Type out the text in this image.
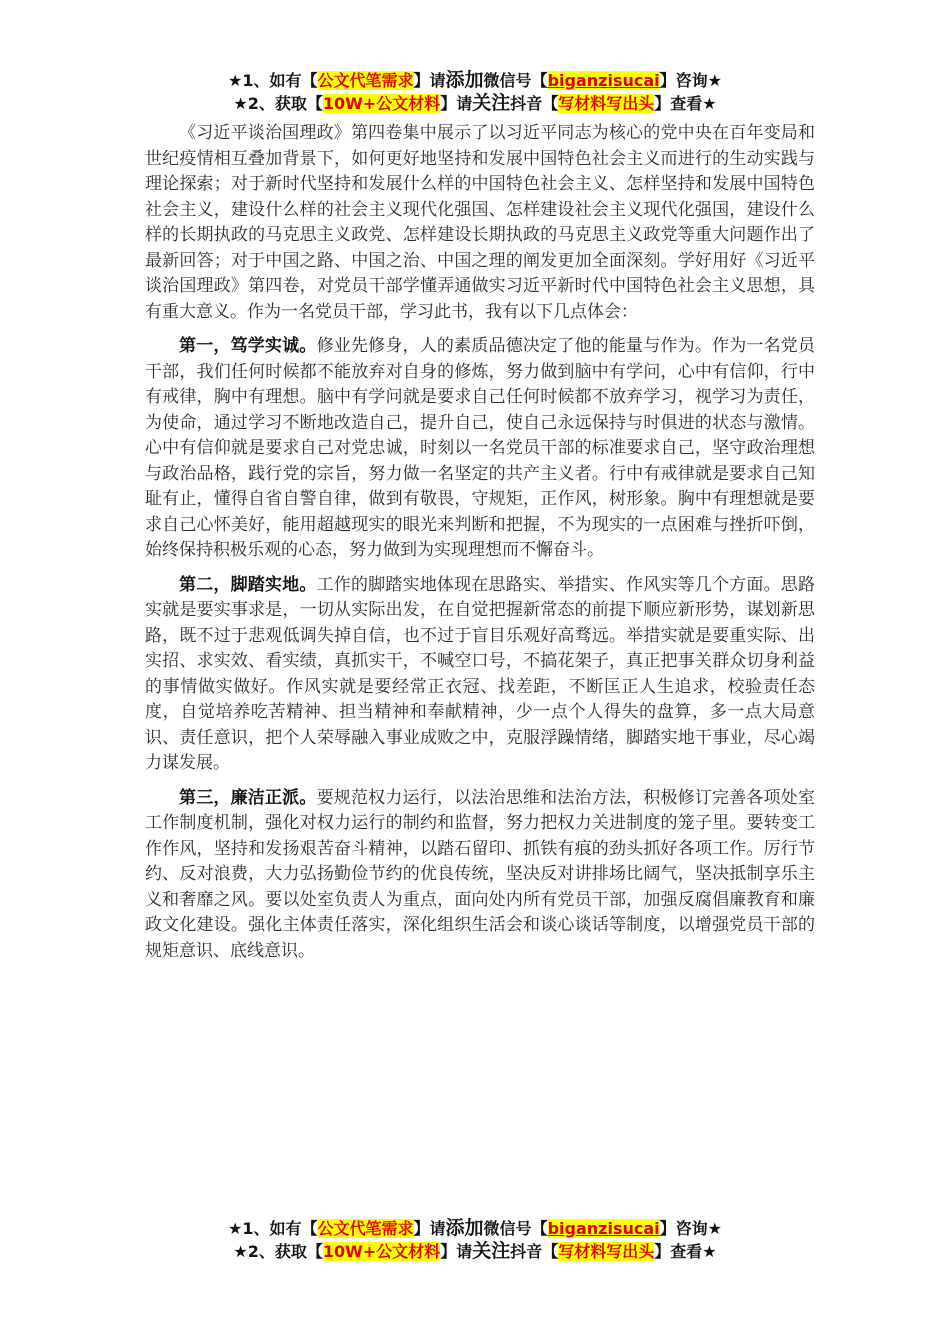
★1、如有【公文代笔需求】请添加微信号【biganzisucai】咨询★
★2、获取【10W+公文材料】请关注抖音【写材料写出头】查看★

《习近平谈治国理政》第四卷集中展示了以习近平同志为核心的党中央在百年变局和世纪疫情相互叠加背景下，如何更好地坚持和发展中国特色社会主义而进行的生动实践与理论探索；对于新时代坚持和发展什么样的中国特色社会主义、怎样坚持和发展中国特色社会主义，建设什么样的社会主义现代化强国、怎样建设社会主义现代化强国，建设什么样的长期执政的马克思主义政党、怎样建设长期执政的马克思主义政党等重大问题作出了最新回答；对于中国之路、中国之治、中国之理的阐发更加全面深刻。学好用好《习近平谈治国理政》第四卷，对党员干部学懂弄通做实习近平新时代中国特色社会主义思想，具有重大意义。作为一名党员干部，学习此书，我有以下几点体会：

第一，笃学实诚。修业先修身，人的素质品德决定了他的能量与作为。作为一名党员干部，我们任何时候都不能放弃对自身的修炼，努力做到脑中有学问，心中有信仰，行中有戒律，胸中有理想。脑中有学问就是要求自己任何时候都不放弃学习，视学习为责任，为使命，通过学习不断地改造自己，提升自己，使自己永远保持与时俱进的状态与激情。心中有信仰就是要求自己对党忠诚，时刻以一名党员干部的标准要求自己，坚守政治理想与政治品格，践行党的宗旨，努力做一名坚定的共产主义者。行中有戒律就是要求自己知耻有止，懂得自省自警自律，做到有敬畏，守规矩，正作风，树形象。胸中有理想就是要求自己心怀美好，能用超越现实的眼光来判断和把握，不为现实的一点困难与挫折吓倒，始终保持积极乐观的心态，努力做到为实现理想而不懈奋斗。

第二，脚踏实地。工作的脚踏实地体现在思路实、举措实、作风实等几个方面。思路实就是要实事求是，一切从实际出发，在自觉把握新常态的前提下顺应新形势，谋划新思路，既不过于悲观低调失掉自信，也不过于盲目乐观好高骛远。举措实就是要重实际、出实招、求实效、看实绩，真抓实干，不喊空口号，不搞花架子，真正把事关群众切身利益的事情做实做好。作风实就是要经常正衣冠、找差距，不断匡正人生追求，校验责任态度，自觉培养吃苦精神、担当精神和奉献精神，少一点个人得失的盘算，多一点大局意识、责任意识，把个人荣辱融入事业成败之中，克服浮躁情绪，脚踏实地干事业，尽心竭力谋发展。

第三，廉洁正派。要规范权力运行，以法治思维和法治方法，积极修订完善各项处室工作制度机制，强化对权力运行的制约和监督，努力把权力关进制度的笼子里。要转变工作作风，坚持和发扬艰苦奋斗精神，以踏石留印、抓铁有痕的劲头抓好各项工作。厉行节约、反对浪费，大力弘扬勤俭节约的优良传统，坚决反对讲排场比阔气，坚决抵制享乐主义和奢靡之风。要以处室负责人为重点，面向处内所有党员干部，加强反腐倡廉教育和廉政文化建设。强化主体责任落实，深化组织生活会和谈心谈话等制度，以增强党员干部的规矩意识、底线意识。

★1、如有【公文代笔需求】请添加微信号【biganzisucai】咨询★
★2、获取【10W+公文材料】请关注抖音【写材料写出头】查看★
